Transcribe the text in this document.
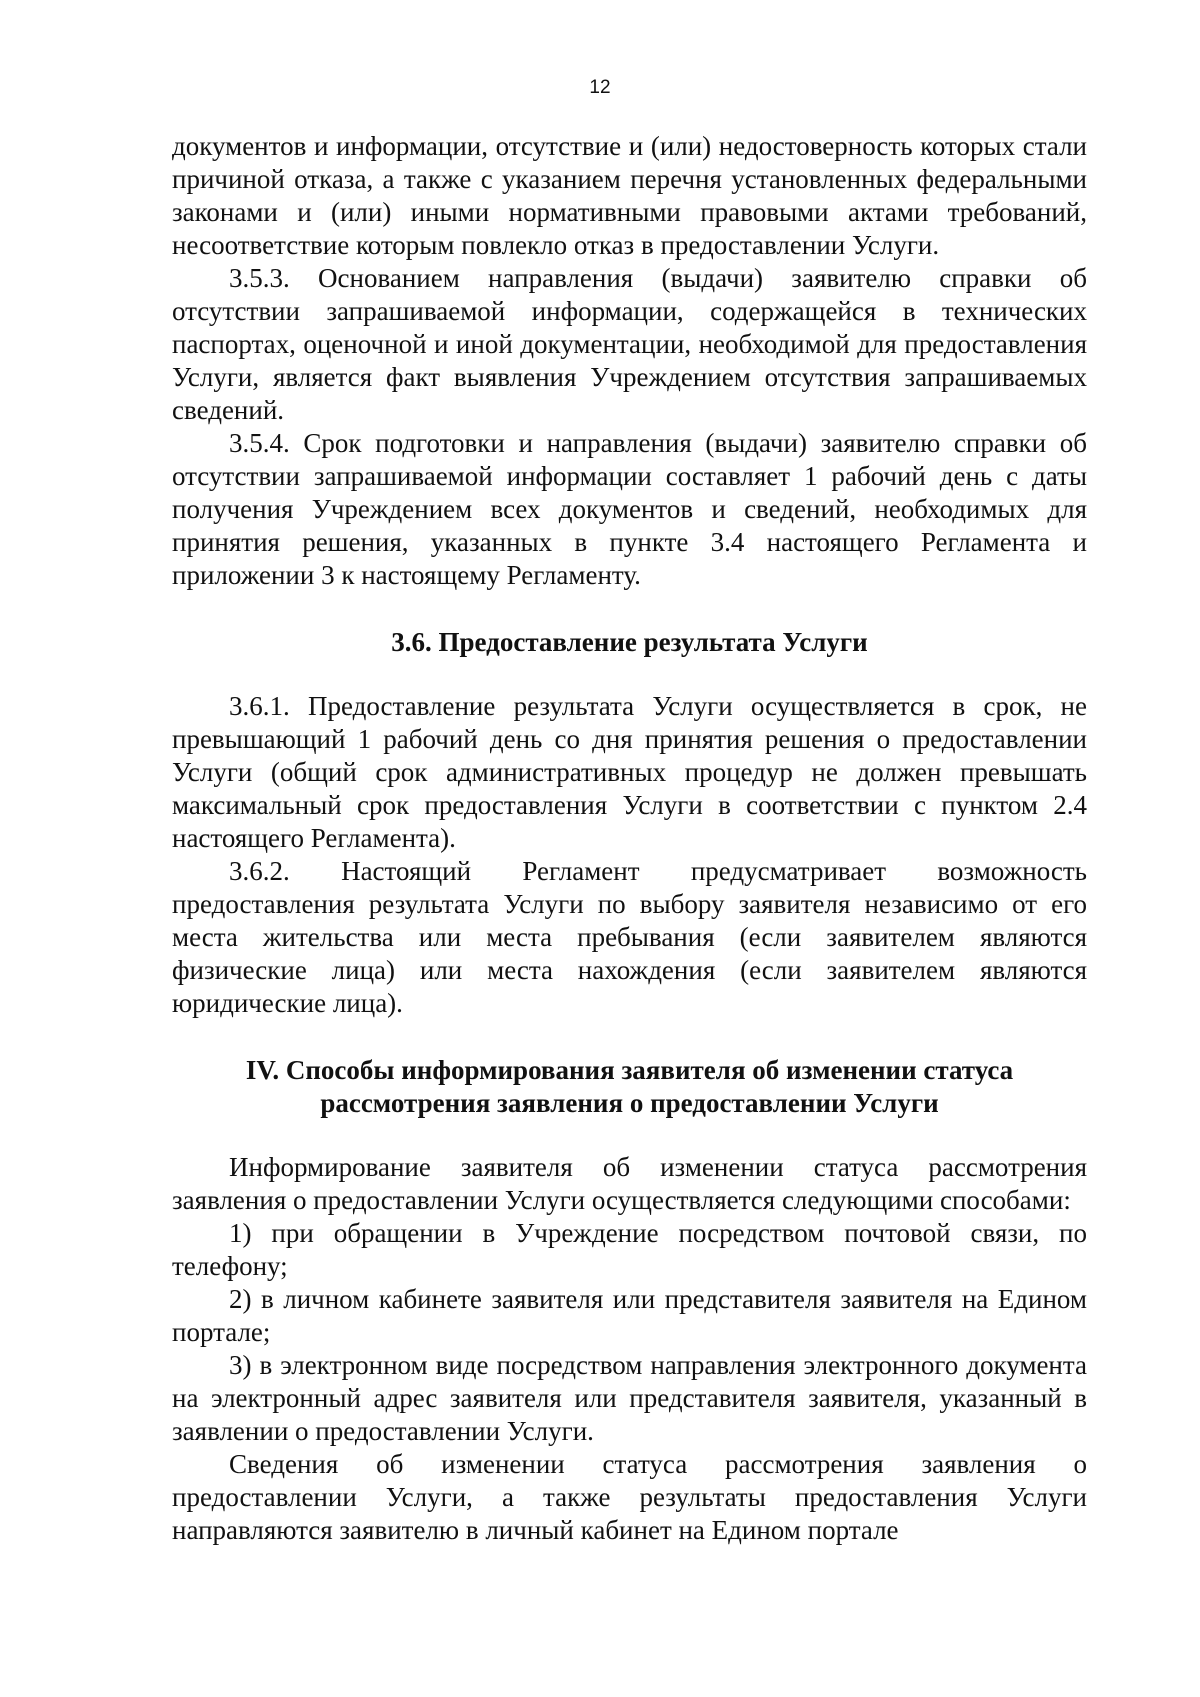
12

документов и информации, отсутствие и (или) недостоверность которых стали причиной отказа, а также с указанием перечня установленных федеральными законами и (или) иными нормативными правовыми актами требований, несоответствие которым повлекло отказ в предоставлении Услуги.

3.5.3. Основанием направления (выдачи) заявителю справки об отсутствии запрашиваемой информации, содержащейся в технических паспортах, оценочной и иной документации, необходимой для предоставления Услуги, является факт выявления Учреждением отсутствия запрашиваемых сведений.

3.5.4. Срок подготовки и направления (выдачи) заявителю справки об отсутствии запрашиваемой информации составляет 1 рабочий день с даты получения Учреждением всех документов и сведений, необходимых для принятия решения, указанных в пункте 3.4 настоящего Регламента и приложении 3 к настоящему Регламенту.

3.6. Предоставление результата Услуги

3.6.1. Предоставление результата Услуги осуществляется в срок, не превышающий 1 рабочий день со дня принятия решения о предоставлении Услуги (общий срок административных процедур не должен превышать максимальный срок предоставления Услуги в соответствии с пунктом 2.4 настоящего Регламента).

3.6.2. Настоящий Регламент предусматривает возможность предоставления результата Услуги по выбору заявителя независимо от его места жительства или места пребывания (если заявителем являются физические лица) или места нахождения (если заявителем являются юридические лица).

IV. Способы информирования заявителя об изменении статуса
рассмотрения заявления о предоставлении Услуги

Информирование заявителя об изменении статуса рассмотрения заявления о предоставлении Услуги осуществляется следующими способами:

1) при обращении в Учреждение посредством почтовой связи, по телефону;

2) в личном кабинете заявителя или представителя заявителя на Едином портале;

3) в электронном виде посредством направления электронного документа на электронный адрес заявителя или представителя заявителя, указанный в заявлении о предоставлении Услуги.

Сведения об изменении статуса рассмотрения заявления о предоставлении Услуги, а также результаты предоставления Услуги направляются заявителю в личный кабинет на Едином портале
